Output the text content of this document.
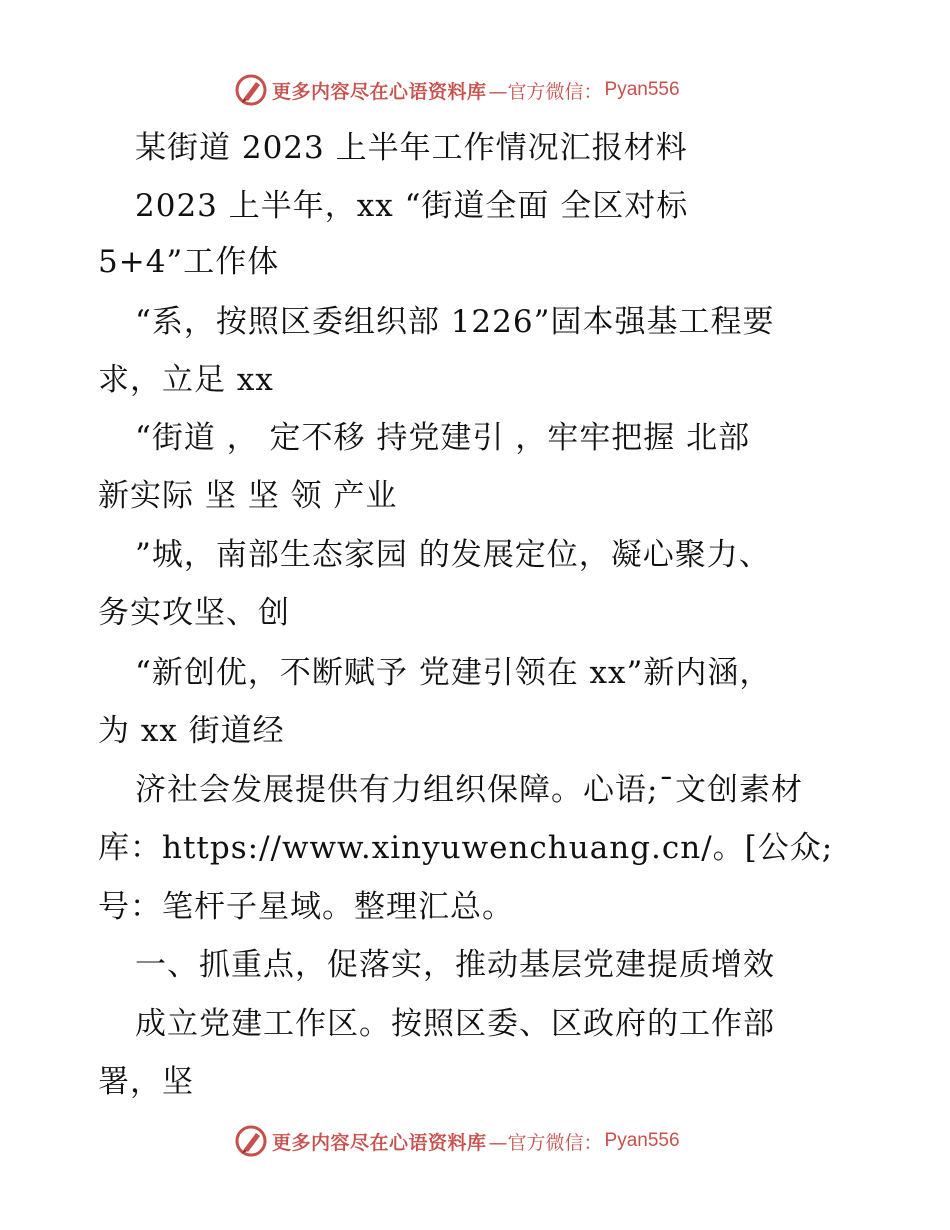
更多内容尽在心语资料库 —官方微信： Pyan556
某街道 2023 上半年工作情况汇报材料
2023 上半年，xx “街道全面 全区对标
5+4”工作体
“系，按照区委组织部 1226”固本强基工程要
求，立足 xx
“街道 ， 定不移 持党建引 ，牢牢把握 北部
新实际 坚 坚 领 产业
”城，南部生态家园 的发展定位，凝心聚力、
务实攻坚、创
“新创优，不断赋予 党建引领在 xx”新内涵，
为 xx 街道经
济社会发展提供有力组织保障。心语;¯文创素材
库：https://www.xinyuwenchuang.cn/。[公众;
号：笔杆子星域。整理汇总。
一、抓重点，促落实，推动基层党建提质增效
成立党建工作区。按照区委、区政府的工作部
署，坚
更多内容尽在心语资料库 —官方微信： Pyan556
